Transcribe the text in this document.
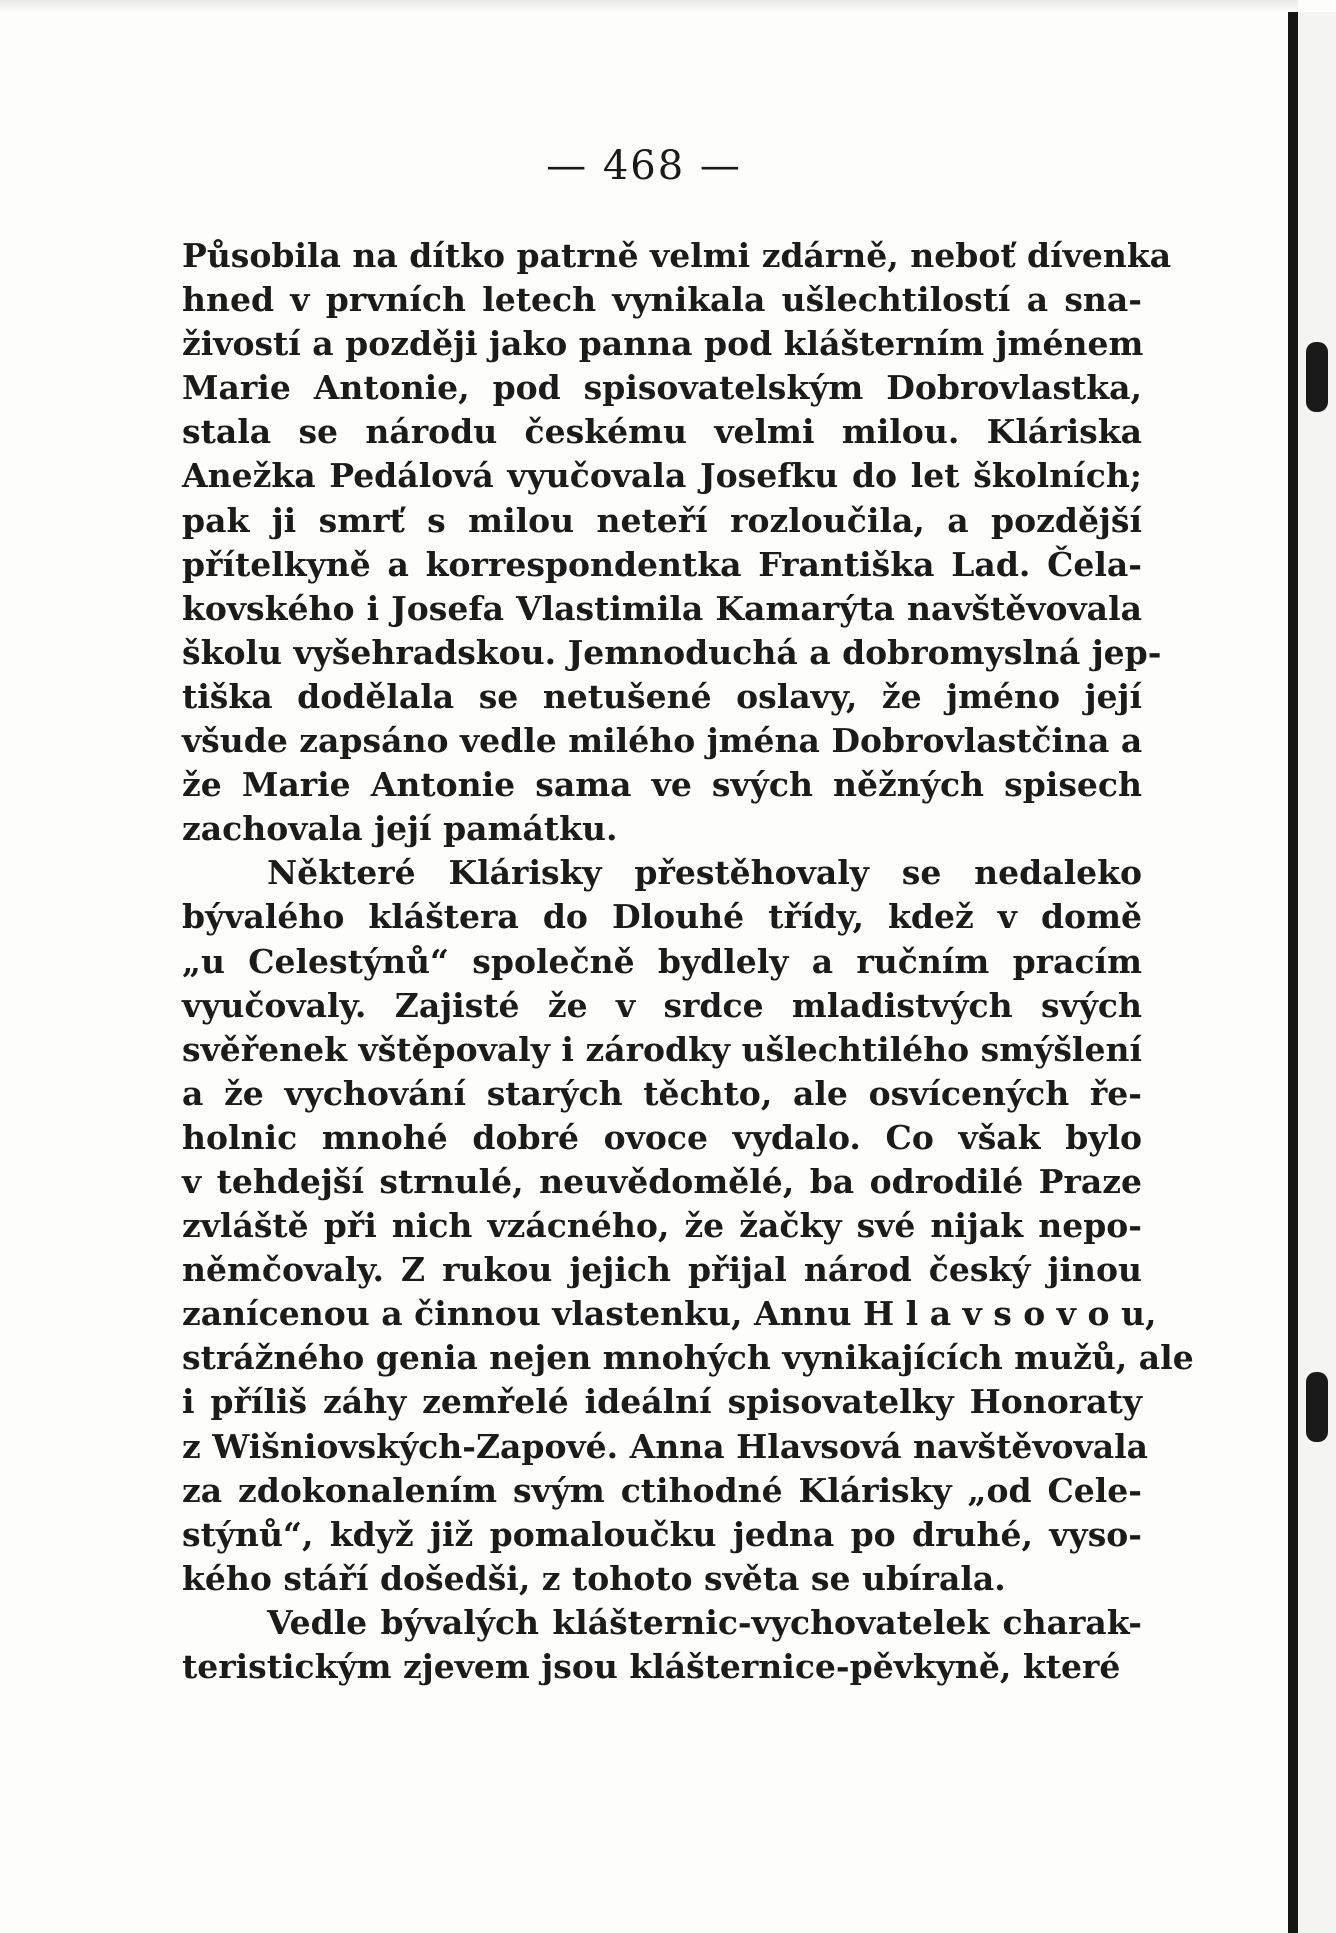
— 468 —
Působila na dítko patrně velmi zdárně, neboť dívenka
hned v prvních letech vynikala ušlechtilostí a sna-
živostí a později jako panna pod klášterním jménem
Marie Antonie, pod spisovatelským Dobrovlastka,
stala se národu českému velmi milou. Kláriska
Anežka Pedálová vyučovala Josefku do let školních;
pak ji smrť s milou neteří rozloučila, a pozdější
přítelkyně a korrespondentka Františka Lad. Čela-
kovského i Josefa Vlastimila Kamarýta navštěvovala
školu vyšehradskou. Jemnoduchá a dobromyslná jep-
tiška dodělala se netušené oslavy, že jméno její
všude zapsáno vedle milého jména Dobrovlastčina a
že Marie Antonie sama ve svých něžných spisech
zachovala její památku.
Některé Klárisky přestěhovaly se nedaleko
bývalého kláštera do Dlouhé třídy, kdež v domě
„u Celestýnů“ společně bydlely a ručním pracím
vyučovaly. Zajisté že v srdce mladistvých svých
svěřenek vštěpovaly i zárodky ušlechtilého smýšlení
a že vychování starých těchto, ale osvícených ře-
holnic mnohé dobré ovoce vydalo. Co však bylo
v tehdejší strnulé, neuvědomělé, ba odrodilé Praze
zvláště při nich vzácného, že žačky své nijak nepo-
němčovaly. Z rukou jejich přijal národ český jinou
zanícenou a činnou vlastenku, Annu H l a v s o v o u,
strážného genia nejen mnohých vynikajících mužů, ale
i příliš záhy zemřelé ideální spisovatelky Honoraty
z Wišniovských-Zapové. Anna Hlavsová navštěvovala
za zdokonalením svým ctihodné Klárisky „od Cele-
stýnů“, když již pomaloučku jedna po druhé, vyso-
kého stáří došedši, z tohoto světa se ubírala.
Vedle bývalých klášternic-vychovatelek charak-
teristickým zjevem jsou klášternice-pěvkyně, které
